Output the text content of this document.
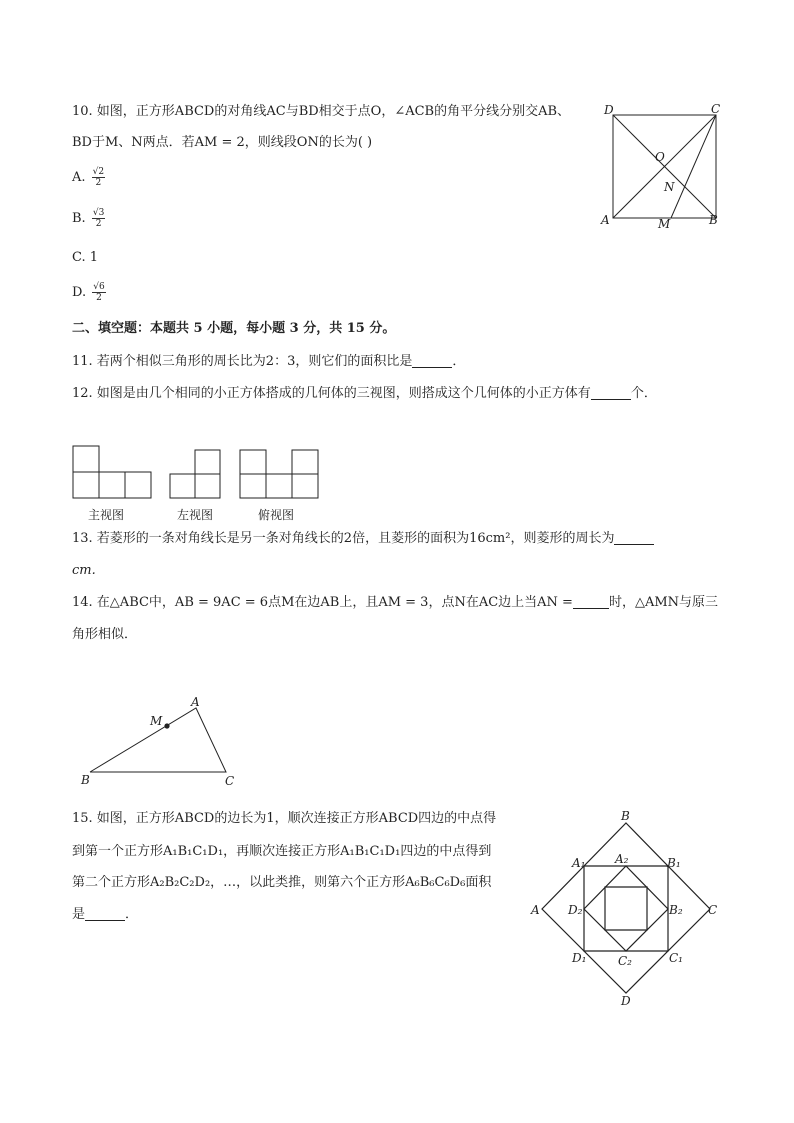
10. 如图，正方形ABCD的对角线AC与BD相交于点O，∠ACB的角平分线分别交AB、
BD于M、N两点．若AM = 2，则线段ON的长为( )
A. $\frac{√2}{2}$
B. $\frac{√3}{2}$
C. 1
D. $\frac{√6}{2}$
D	C
O
N
A	M	B
二、填空题：本题共 5 小题，每小题 3 分，共 15 分。
11. 若两个相似三角形的周长比为2：3，则它们的面积比是	．
12. 如图是由几个相同的小正方体搭成的几何体的三视图，则搭成这个几何体的小正方体有	个．
主视图	左视图	俯视图
13. 若菱形的一条对角线长是另一条对角线长的2倍，且菱形的面积为16cm²，则菱形的周长为
cm.
14. 在△ABC中，AB = 9AC = 6点M在边AB上，且AM = 3，点N在AC边上当AN =	时，△AMN与原三
角形相似．
A
M
B	C
15. 如图，正方形ABCD的边长为1，顺次连接正方形ABCD四边的中点得
到第一个正方形A₁B₁C₁D₁，再顺次连接正方形A₁B₁C₁D₁四边的中点得到
第二个正方形A₂B₂C₂D₂，…，以此类推，则第六个正方形A₆B₆C₆D₆面积
是	．
B
A₁ A₂	B₁
A D₂	B₂ C
D₁	C₂	C₁
D
